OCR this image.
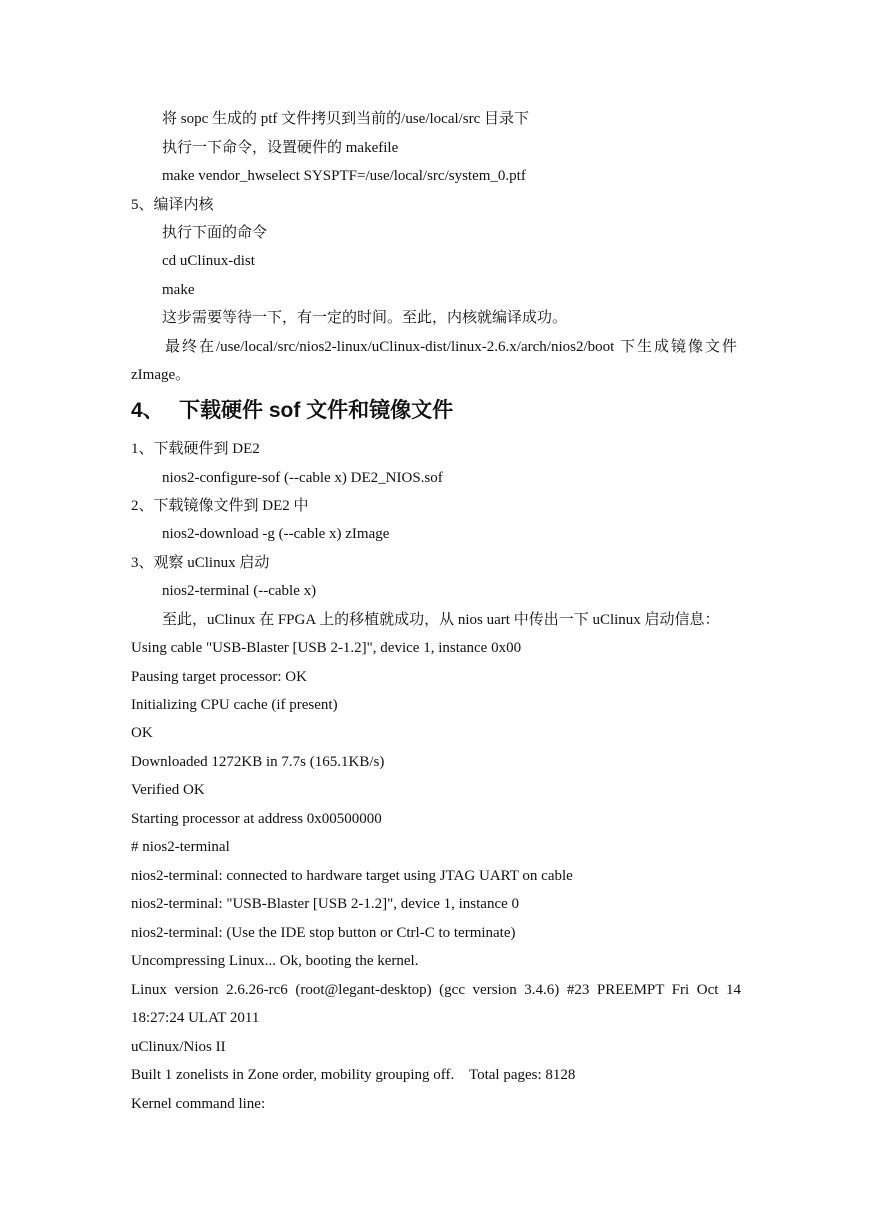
将 sopc 生成的 ptf 文件拷贝到当前的/use/local/src 目录下
执行一下命令，设置硬件的 makefile
make vendor_hwselect SYSPTF=/use/local/src/system_0.ptf
5、编译内核
执行下面的命令
cd uClinux-dist
make
这步需要等待一下，有一定的时间。至此，内核就编译成功。
最终在/use/local/src/nios2-linux/uClinux-dist/linux-2.6.x/arch/nios2/boot 下生成镜像文件
zImage。
4、 下载硬件 sof 文件和镜像文件
1、下载硬件到 DE2
nios2-configure-sof (--cable x) DE2_NIOS.sof
2、下载镜像文件到 DE2 中
nios2-download -g (--cable x) zImage
3、观察 uClinux 启动
nios2-terminal (--cable x)
至此，uClinux 在 FPGA 上的移植就成功，从 nios uart 中传出一下 uClinux 启动信息：
Using cable "USB-Blaster [USB 2-1.2]", device 1, instance 0x00
Pausing target processor: OK
Initializing CPU cache (if present)
OK
Downloaded 1272KB in 7.7s (165.1KB/s)
Verified OK
Starting processor at address 0x00500000
# nios2-terminal
nios2-terminal: connected to hardware target using JTAG UART on cable
nios2-terminal: "USB-Blaster [USB 2-1.2]", device 1, instance 0
nios2-terminal: (Use the IDE stop button or Ctrl-C to terminate)
Uncompressing Linux... Ok, booting the kernel.
Linux version 2.6.26-rc6 (root@legant-desktop) (gcc version 3.4.6) #23 PREEMPT Fri Oct 14
18:27:24 ULAT 2011
uClinux/Nios II
Built 1 zonelists in Zone order, mobility grouping off.    Total pages: 8128
Kernel command line:
